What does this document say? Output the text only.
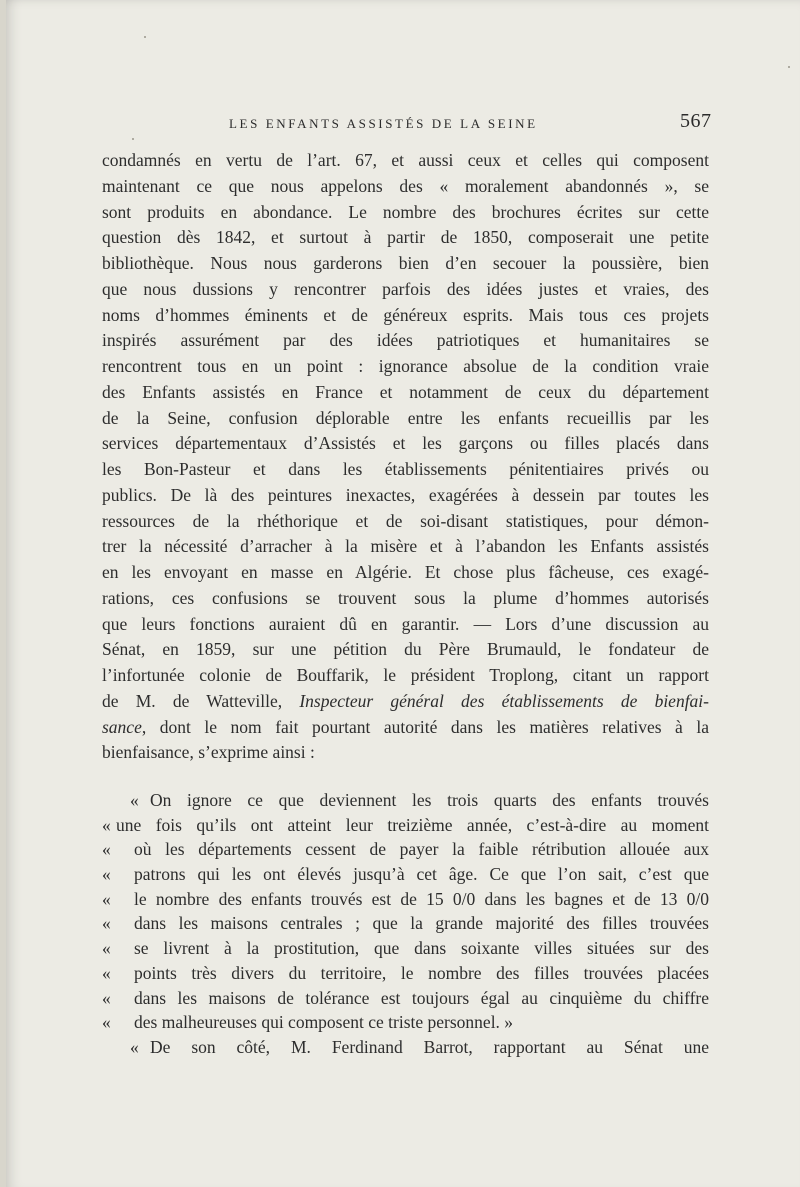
LES ENFANTS ASSISTÉS DE LA SEINE	567
condamnés en vertu de l’art. 67, et aussi ceux et celles qui composent
maintenant ce que nous appelons des « moralement abandonnés », se
sont produits en abondance. Le nombre des brochures écrites sur cette
question dès 1842, et surtout à partir de 1850, composerait une petite
bibliothèque. Nous nous garderons bien d’en secouer la poussière, bien
que nous dussions y rencontrer parfois des idées justes et vraies, des
noms d’hommes éminents et de généreux esprits. Mais tous ces projets
inspirés assurément par des idées patriotiques et humanitaires se
rencontrent tous en un point : ignorance absolue de la condition vraie
des Enfants assistés en France et notamment de ceux du département
de la Seine, confusion déplorable entre les enfants recueillis par les
services départementaux d’Assistés et les garçons ou filles placés dans
les Bon-Pasteur et dans les établissements pénitentiaires privés ou
publics. De là des peintures inexactes, exagérées à dessein par toutes les
ressources de la rhéthorique et de soi-disant statistiques, pour démon-
trer la nécessité d’arracher à la misère et à l’abandon les Enfants assistés
en les envoyant en masse en Algérie. Et chose plus fâcheuse, ces exagé-
rations, ces confusions se trouvent sous la plume d’hommes autorisés
que leurs fonctions auraient dû en garantir. — Lors d’une discussion au
Sénat, en 1859, sur une pétition du Père Brumauld, le fondateur de
l’infortunée colonie de Bouffarik, le président Troplong, citant un rapport
de M. de Watteville, Inspecteur général des établissements de bienfai-
sance, dont le nom fait pourtant autorité dans les matières relatives à la
bienfaisance, s’exprime ainsi :
« On ignore ce que deviennent les trois quarts des enfants trouvés
« une fois qu’ils ont atteint leur treizième année, c’est-à-dire au moment
« où les départements cessent de payer la faible rétribution allouée aux
« patrons qui les ont élevés jusqu’à cet âge. Ce que l’on sait, c’est que
« le nombre des enfants trouvés est de 15 0/0 dans les bagnes et de 13 0/0
« dans les maisons centrales ; que la grande majorité des filles trouvées
« se livrent à la prostitution, que dans soixante villes situées sur des
« points très divers du territoire, le nombre des filles trouvées placées
« dans les maisons de tolérance est toujours égal au cinquième du chiffre
« des malheureuses qui composent ce triste personnel. »
« De son côté, M. Ferdinand Barrot, rapportant au Sénat une
